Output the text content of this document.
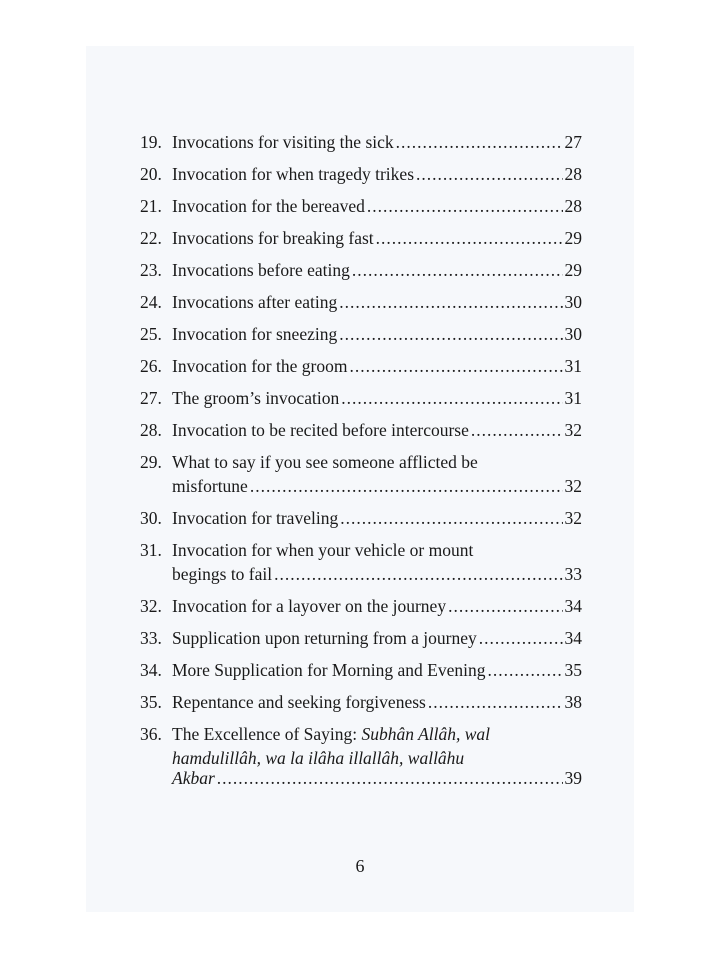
19. Invocations for visiting the sick .....	27
20. Invocation for when tragedy trikes .....	28
21. Invocation for the bereaved .....	28
22. Invocations for breaking fast .....	29
23. Invocations before eating .....	29
24. Invocations after eating .....	30
25. Invocation for sneezing .....	30
26. Invocation for the groom .....	31
27. The groom’s invocation .....	31
28. Invocation to be recited before intercourse .....	32
29. What to say if you see someone afflicted be
misfortune .....	32
30. Invocation for traveling .....	32
31. Invocation for when your vehicle or mount
begings to fail .....	33
32. Invocation for a layover on the journey .....	34
33. Supplication upon returning from a journey .....	34
34. More Supplication for Morning and Evening .....	35
35. Repentance and seeking forgiveness .....	38
36. The Excellence of Saying: Subhân Allâh, wal
hamdulillâh, wa la ilâha illallâh, wallâhu
Akbar .....	39
6
